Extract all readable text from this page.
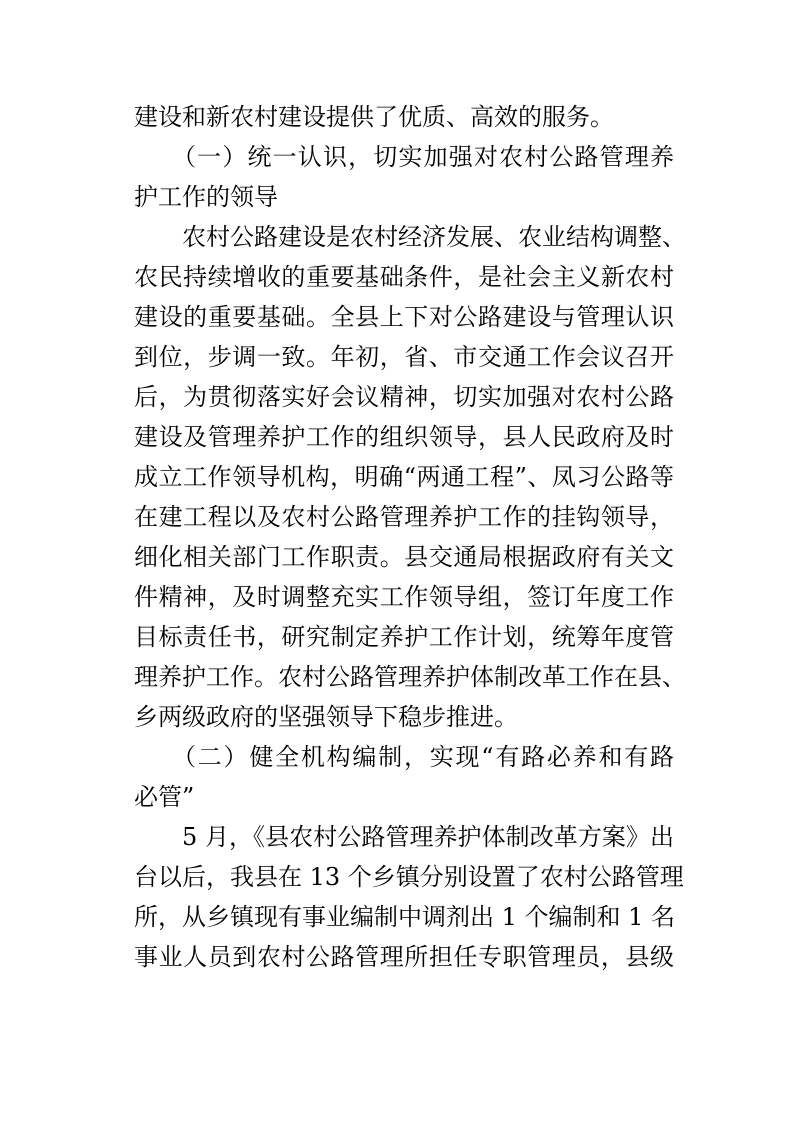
建设和新农村建设提供了优质、高效的服务。
（一）统一认识，切实加强对农村公路管理养
护工作的领导
农村公路建设是农村经济发展、农业结构调整、
农民持续增收的重要基础条件，是社会主义新农村
建设的重要基础。全县上下对公路建设与管理认识
到位，步调一致。年初，省、市交通工作会议召开
后，为贯彻落实好会议精神，切实加强对农村公路
建设及管理养护工作的组织领导，县人民政府及时
成立工作领导机构，明确“两通工程”、凤习公路等
在建工程以及农村公路管理养护工作的挂钩领导，
细化相关部门工作职责。县交通局根据政府有关文
件精神，及时调整充实工作领导组，签订年度工作
目标责任书，研究制定养护工作计划，统筹年度管
理养护工作。农村公路管理养护体制改革工作在县、
乡两级政府的坚强领导下稳步推进。
（二）健全机构编制，实现“有路必养和有路
必管”
5 月，《县农村公路管理养护体制改革方案》出
台以后，我县在 13 个乡镇分别设置了农村公路管理
所，从乡镇现有事业编制中调剂出 1 个编制和 1 名
事业人员到农村公路管理所担任专职管理员，县级
